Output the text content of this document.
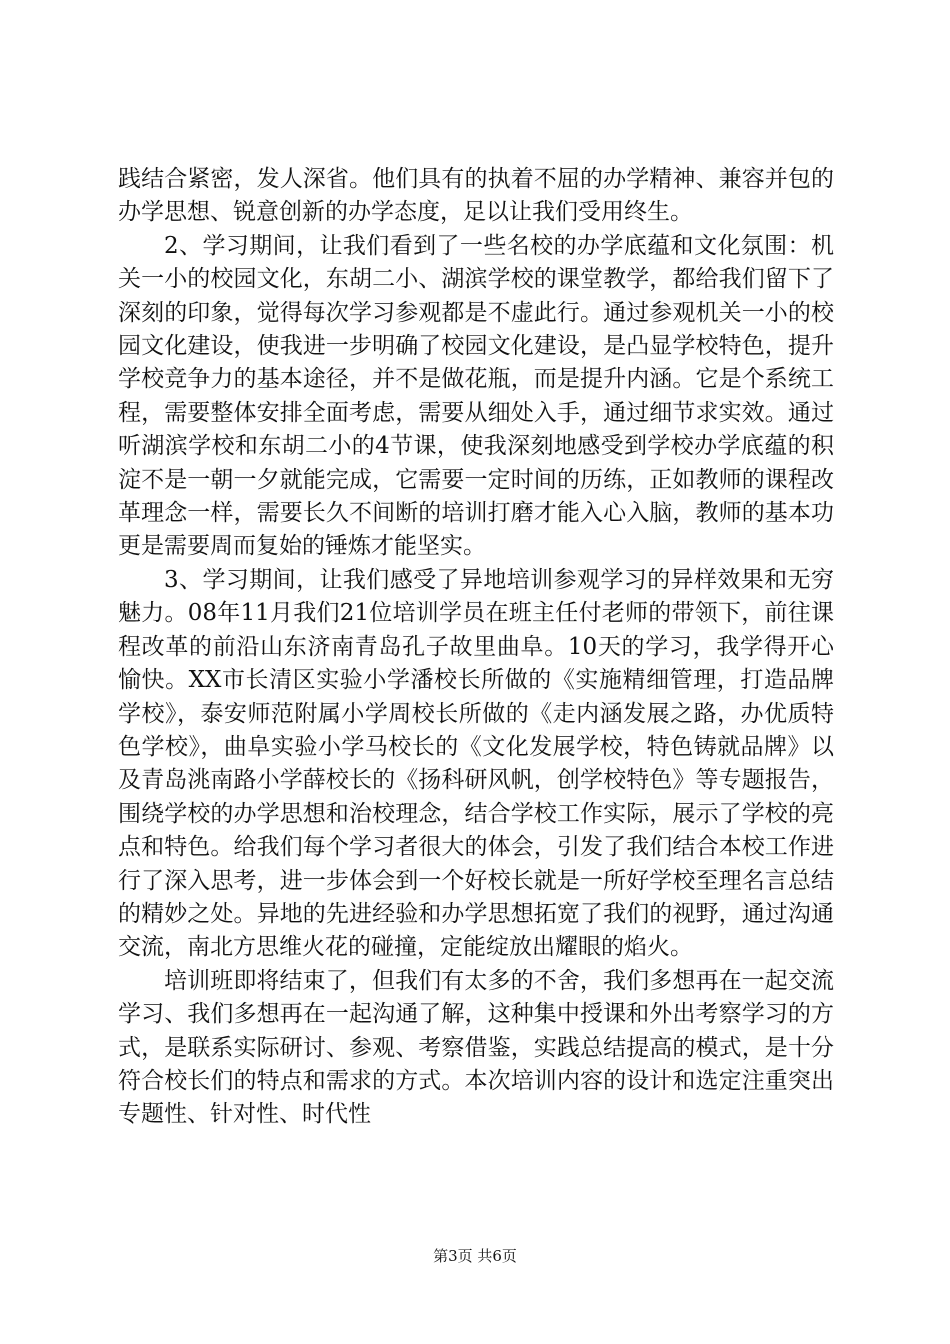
践结合紧密，发人深省。他们具有的执着不屈的办学精神、兼容并包的办学思想、锐意创新的办学态度，足以让我们受用终生。

2、学习期间，让我们看到了一些名校的办学底蕴和文化氛围：机关一小的校园文化，东胡二小、湖滨学校的课堂教学，都给我们留下了深刻的印象，觉得每次学习参观都是不虚此行。通过参观机关一小的校园文化建设，使我进一步明确了校园文化建设，是凸显学校特色，提升学校竞争力的基本途径，并不是做花瓶，而是提升内涵。它是个系统工程，需要整体安排全面考虑，需要从细处入手，通过细节求实效。通过听湖滨学校和东胡二小的4节课，使我深刻地感受到学校办学底蕴的积淀不是一朝一夕就能完成，它需要一定时间的历练，正如教师的课程改革理念一样，需要长久不间断的培训打磨才能入心入脑，教师的基本功更是需要周而复始的锤炼才能坚实。

3、学习期间，让我们感受了异地培训参观学习的异样效果和无穷魅力。08年11月我们21位培训学员在班主任付老师的带领下，前往课程改革的前沿山东济南青岛孔子故里曲阜。10天的学习，我学得开心愉快。XX市长清区实验小学潘校长所做的《实施精细管理，打造品牌学校》，泰安师范附属小学周校长所做的《走内涵发展之路，办优质特色学校》，曲阜实验小学马校长的《文化发展学校，特色铸就品牌》以及青岛洮南路小学薛校长的《扬科研风帆，创学校特色》等专题报告，围绕学校的办学思想和治校理念，结合学校工作实际，展示了学校的亮点和特色。给我们每个学习者很大的体会，引发了我们结合本校工作进行了深入思考，进一步体会到一个好校长就是一所好学校至理名言总结的精妙之处。异地的先进经验和办学思想拓宽了我们的视野，通过沟通交流，南北方思维火花的碰撞，定能绽放出耀眼的焰火。

培训班即将结束了，但我们有太多的不舍，我们多想再在一起交流学习、我们多想再在一起沟通了解，这种集中授课和外出考察学习的方式，是联系实际研讨、参观、考察借鉴，实践总结提高的模式，是十分符合校长们的特点和需求的方式。本次培训内容的设计和选定注重突出专题性、针对性、时代性

第3页 共6页
